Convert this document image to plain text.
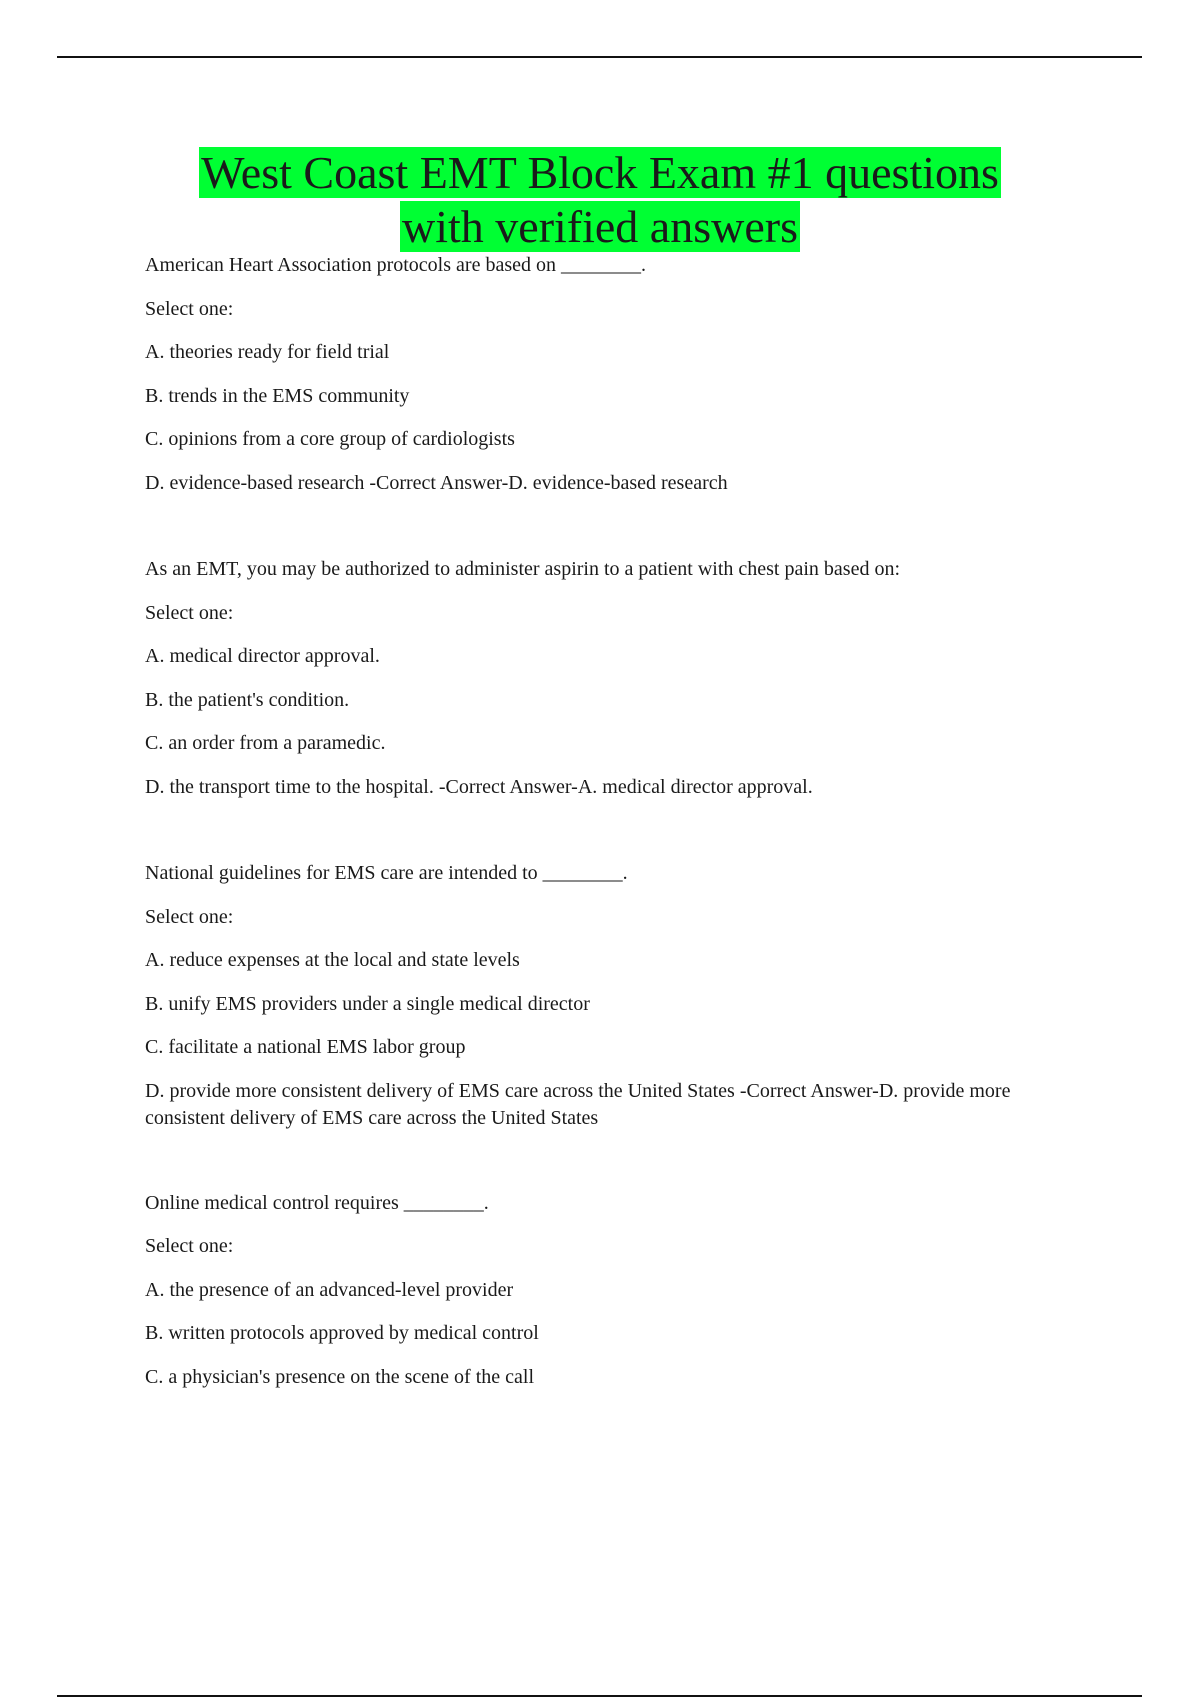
West Coast EMT Block Exam #1 questions
with verified answers

American Heart Association protocols are based on ________.

Select one:

A. theories ready for field trial

B. trends in the EMS community

C. opinions from a core group of cardiologists

D. evidence-based research -Correct Answer-D. evidence-based research

As an EMT, you may be authorized to administer aspirin to a patient with chest pain based on:

Select one:

A. medical director approval.

B. the patient's condition.

C. an order from a paramedic.

D. the transport time to the hospital. -Correct Answer-A. medical director approval.

National guidelines for EMS care are intended to ________.

Select one:

A. reduce expenses at the local and state levels

B. unify EMS providers under a single medical director

C. facilitate a national EMS labor group

D. provide more consistent delivery of EMS care across the United States -Correct Answer-D. provide more consistent delivery of EMS care across the United States

Online medical control requires ________.

Select one:

A. the presence of an advanced-level provider

B. written protocols approved by medical control

C. a physician's presence on the scene of the call
